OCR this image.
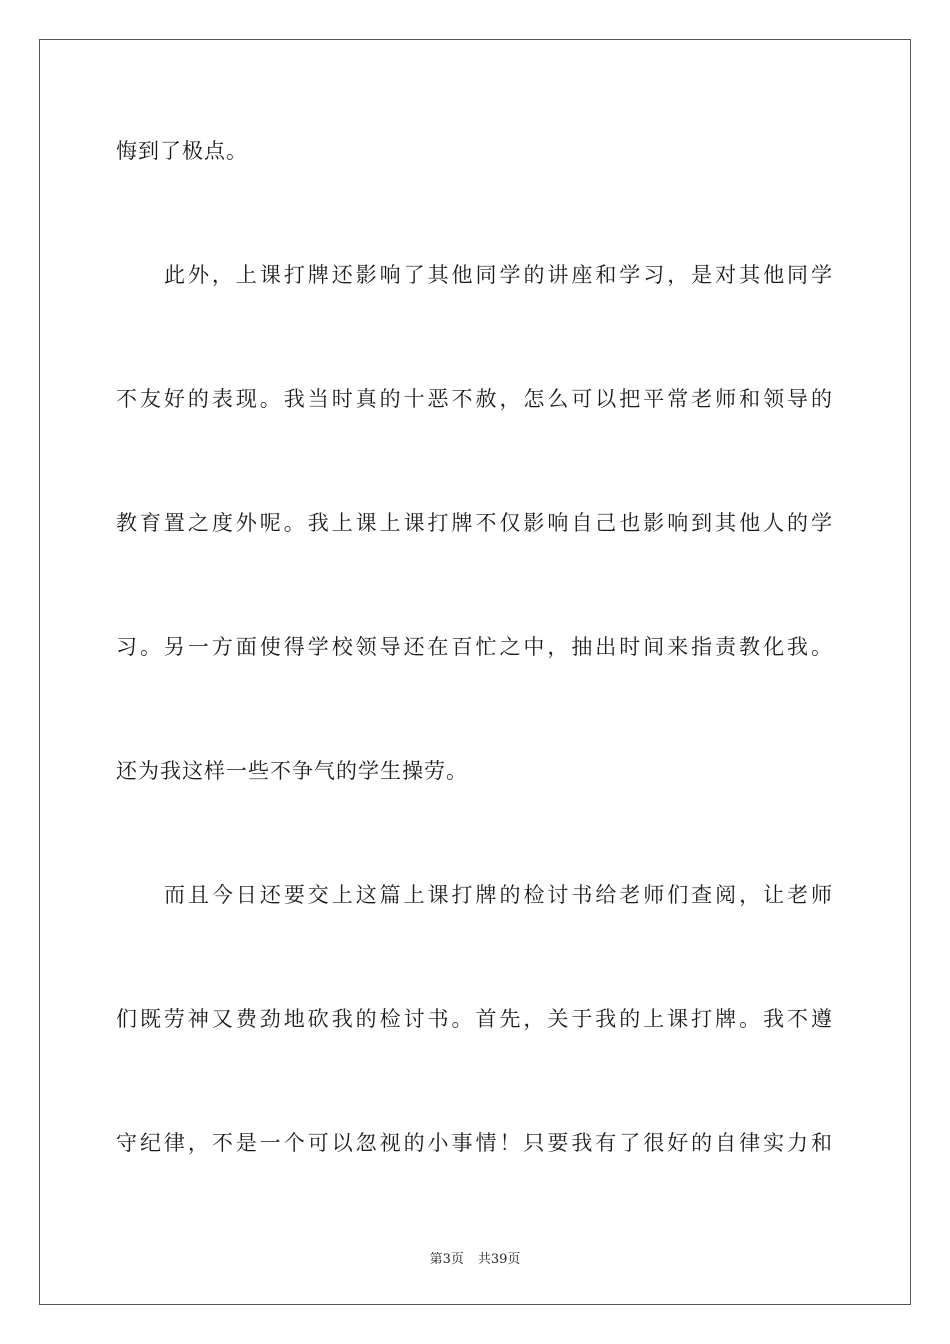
悔到了极点。
此外，上课打牌还影响了其他同学的讲座和学习，是对其他同学
不友好的表现。我当时真的十恶不赦，怎么可以把平常老师和领导的
教育置之度外呢。我上课上课打牌不仅影响自己也影响到其他人的学
习。另一方面使得学校领导还在百忙之中，抽出时间来指责教化我。
还为我这样一些不争气的学生操劳。
而且今日还要交上这篇上课打牌的检讨书给老师们查阅，让老师
们既劳神又费劲地砍我的检讨书。首先，关于我的上课打牌。我不遵
守纪律，不是一个可以忽视的小事情！只要我有了很好的自律实力和
第3页 共39页
